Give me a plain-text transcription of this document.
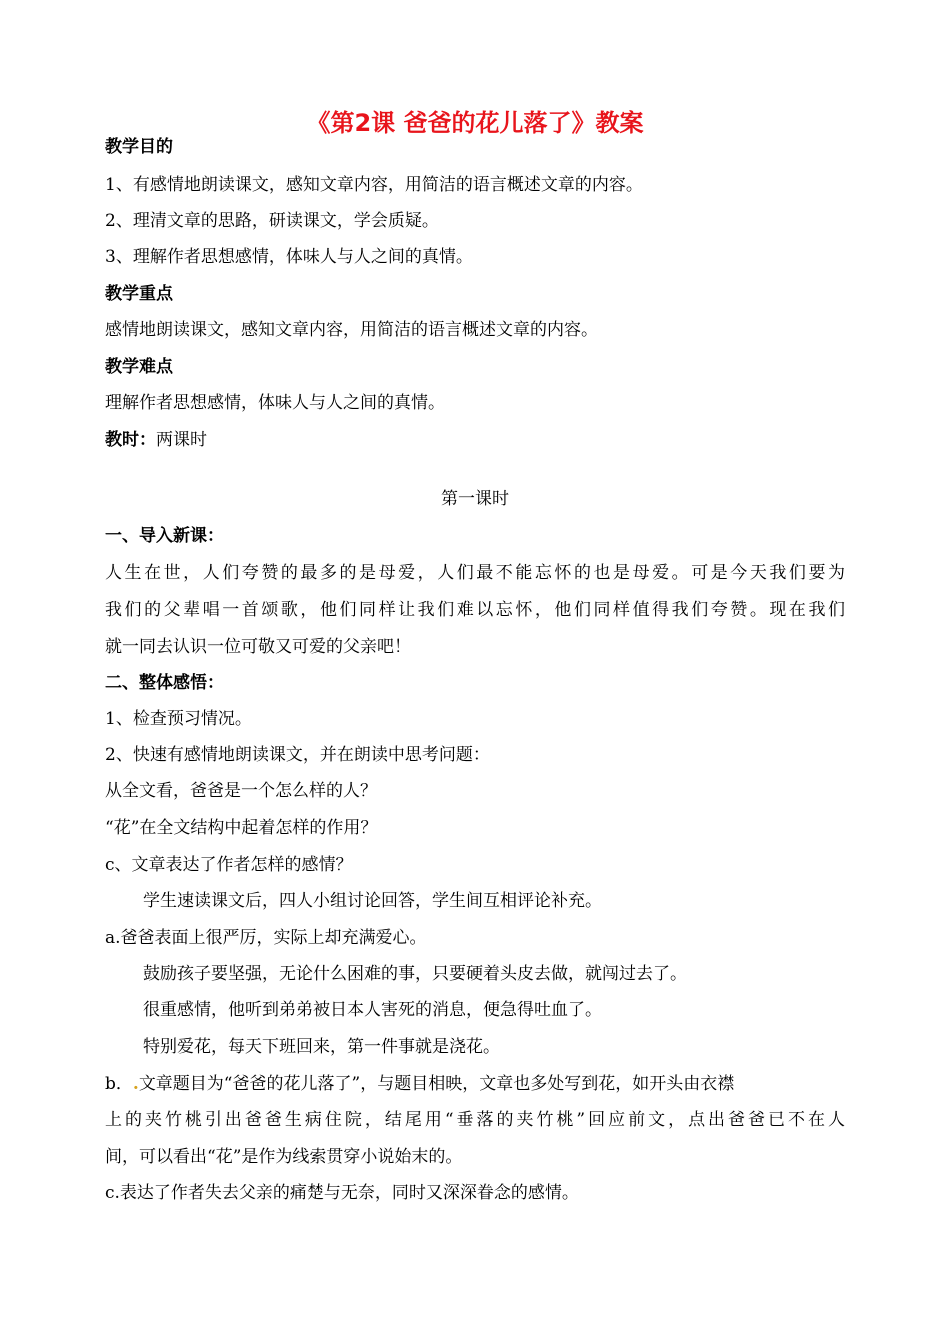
《第2课 爸爸的花儿落了》教案
教学目的
1、有感情地朗读课文，感知文章内容，用简洁的语言概述文章的内容。
2、理清文章的思路，研读课文，学会质疑。
3、理解作者思想感情，体味人与人之间的真情。
教学重点
感情地朗读课文，感知文章内容，用简洁的语言概述文章的内容。
教学难点
理解作者思想感情，体味人与人之间的真情。
教时：两课时
第一课时
一、导入新课：
人生在世，人们夸赞的最多的是母爱，人们最不能忘怀的也是母爱。可是今天我们要为
我们的父辈唱一首颂歌，他们同样让我们难以忘怀，他们同样值得我们夸赞。现在我们
就一同去认识一位可敬又可爱的父亲吧！
二、整体感悟：
1、检查预习情况。
2、快速有感情地朗读课文，并在朗读中思考问题：
从全文看，爸爸是一个怎么样的人？
“花”在全文结构中起着怎样的作用？
c、文章表达了作者怎样的感情？
学生速读课文后，四人小组讨论回答，学生间互相评论补充。
a.爸爸表面上很严厉，实际上却充满爱心。
鼓励孩子要坚强，无论什么困难的事，只要硬着头皮去做，就闯过去了。
很重感情，他听到弟弟被日本人害死的消息，便急得吐血了。
特别爱花，每天下班回来，第一件事就是浇花。
b．.文章题目为“爸爸的花儿落了”，与题目相映，文章也多处写到花，如开头由衣襟
上的夹竹桃引出爸爸生病住院，结尾用“垂落的夹竹桃”回应前文，点出爸爸已不在人
间，可以看出“花”是作为线索贯穿小说始末的。
c.表达了作者失去父亲的痛楚与无奈，同时又深深眷念的感情。
